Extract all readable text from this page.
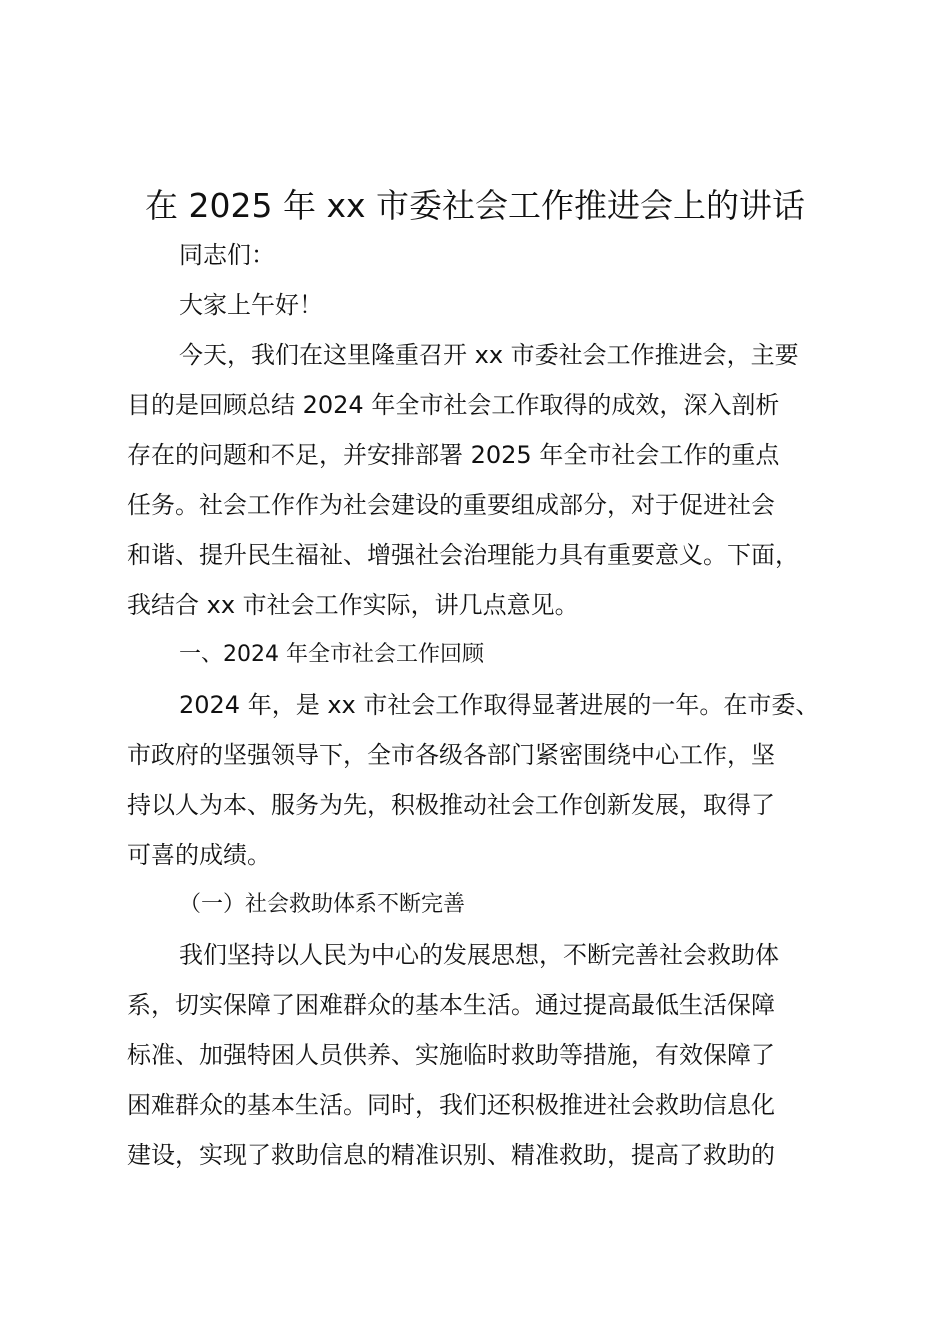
在 2025 年 xx 市委社会工作推进会上的讲话
同志们：
大家上午好！
今天，我们在这里隆重召开 xx 市委社会工作推进会，主要
目的是回顾总结 2024 年全市社会工作取得的成效，深入剖析
存在的问题和不足，并安排部署 2025 年全市社会工作的重点
任务。社会工作作为社会建设的重要组成部分，对于促进社会
和谐、提升民生福祉、增强社会治理能力具有重要意义。下面，
我结合 xx 市社会工作实际，讲几点意见。
一、2024 年全市社会工作回顾
2024 年，是 xx 市社会工作取得显著进展的一年。在市委、
市政府的坚强领导下，全市各级各部门紧密围绕中心工作，坚
持以人为本、服务为先，积极推动社会工作创新发展，取得了
可喜的成绩。
（一）社会救助体系不断完善
我们坚持以人民为中心的发展思想，不断完善社会救助体
系，切实保障了困难群众的基本生活。通过提高最低生活保障
标准、加强特困人员供养、实施临时救助等措施，有效保障了
困难群众的基本生活。同时，我们还积极推进社会救助信息化
建设，实现了救助信息的精准识别、精准救助，提高了救助的
